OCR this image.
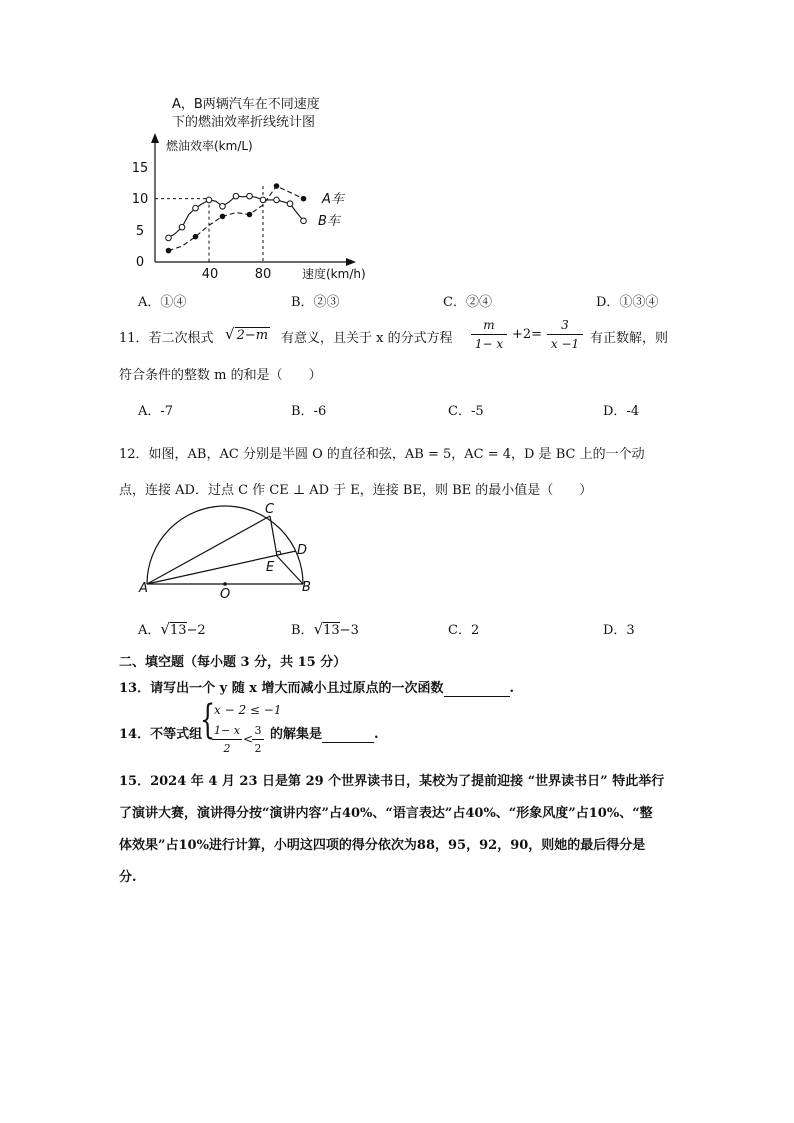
A，B两辆汽车在不同速度
下的燃油效率折线统计图
燃油效率(km/L)
15
10
5
0
40	80	速度(km/h)
A车
B车
A．①④	B．②③	C．②④	D．①③④
11．若二次根式 √ 2−m 有意义，且关于 x 的分式方程
m
1− x
+2=
3
x −1 有正数解，则
符合条件的整数 m 的和是（　　）
A．-7	B．-6	C．-5	D．-4
12．如图，AB，AC 分别是半圆 O 的直径和弦，AB = 5，AC = 4，D 是 BC 上的一个动
点，连接 AD．过点 C 作 CE ⊥ AD 于 E，连接 BE，则 BE 的最小值是（　　）
A	B
C
D
E
O
A．√13−2	B．√13−3	C．2	D．3
二、填空题（每小题 3 分，共 15 分）
13．请写出一个 y 随 x 增大而减小且过原点的一次函数	.
14．不等式组
{
x − 2 ≤ −1
1− x
2
<
3
2
的解集是	.
15．2024 年 4 月 23 日是第 29 个世界读书日，某校为了提前迎接 “世界读书日” 特此举行
了演讲大赛，演讲得分按“演讲内容”占40%、“语言表达”占40%、“形象风度”占10%、“整
体效果”占10%进行计算，小明这四项的得分依次为88，95，92，90，则她的最后得分是
分.
